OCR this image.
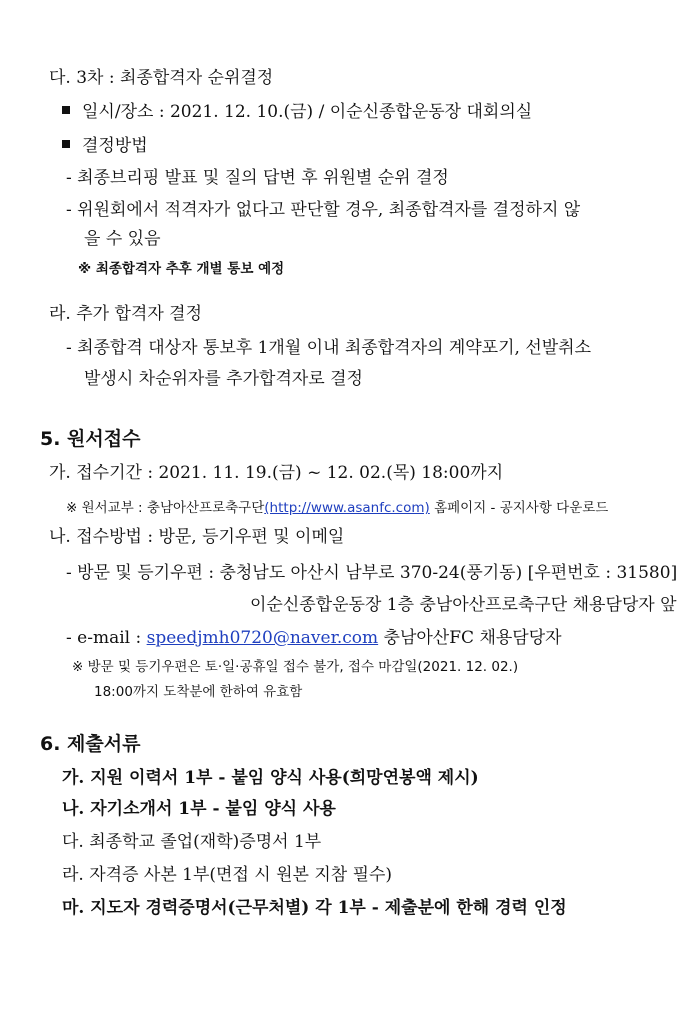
다. 3차 : 최종합격자 순위결정
일시/장소 : 2021. 12. 10.(금) / 이순신종합운동장 대회의실
결정방법
- 최종브리핑 발표 및 질의 답변 후 위원별 순위 결정
- 위원회에서 적격자가 없다고 판단할 경우, 최종합격자를 결정하지 않
을 수 있음
※ 최종합격자 추후 개별 통보 예정
라. 추가 합격자 결정
- 최종합격 대상자 통보후 1개월 이내 최종합격자의 계약포기, 선발취소
발생시 차순위자를 추가합격자로 결정
5. 원서접수
가. 접수기간 : 2021. 11. 19.(금) ~ 12. 02.(목) 18:00까지
※ 원서교부 : 충남아산프로축구단(http://www.asanfc.com) 홈페이지 - 공지사항 다운로드
나. 접수방법 : 방문, 등기우편 및 이메일
- 방문 및 등기우편 : 충청남도 아산시 남부로 370-24(풍기동) [우편번호 : 31580]
이순신종합운동장 1층 충남아산프로축구단 채용담당자 앞
- e-mail : speedjmh0720@naver.com 충남아산FC 채용담당자
※ 방문 및 등기우편은 토·일·공휴일 접수 불가, 접수 마감일(2021. 12. 02.)
18:00까지 도착분에 한하여 유효함
6. 제출서류
가. 지원 이력서 1부 - 붙임 양식 사용(희망연봉액 제시)
나. 자기소개서 1부 - 붙임 양식 사용
다. 최종학교 졸업(재학)증명서 1부
라. 자격증 사본 1부(면접 시 원본 지참 필수)
마. 지도자 경력증명서(근무처별) 각 1부 - 제출분에 한해 경력 인정
